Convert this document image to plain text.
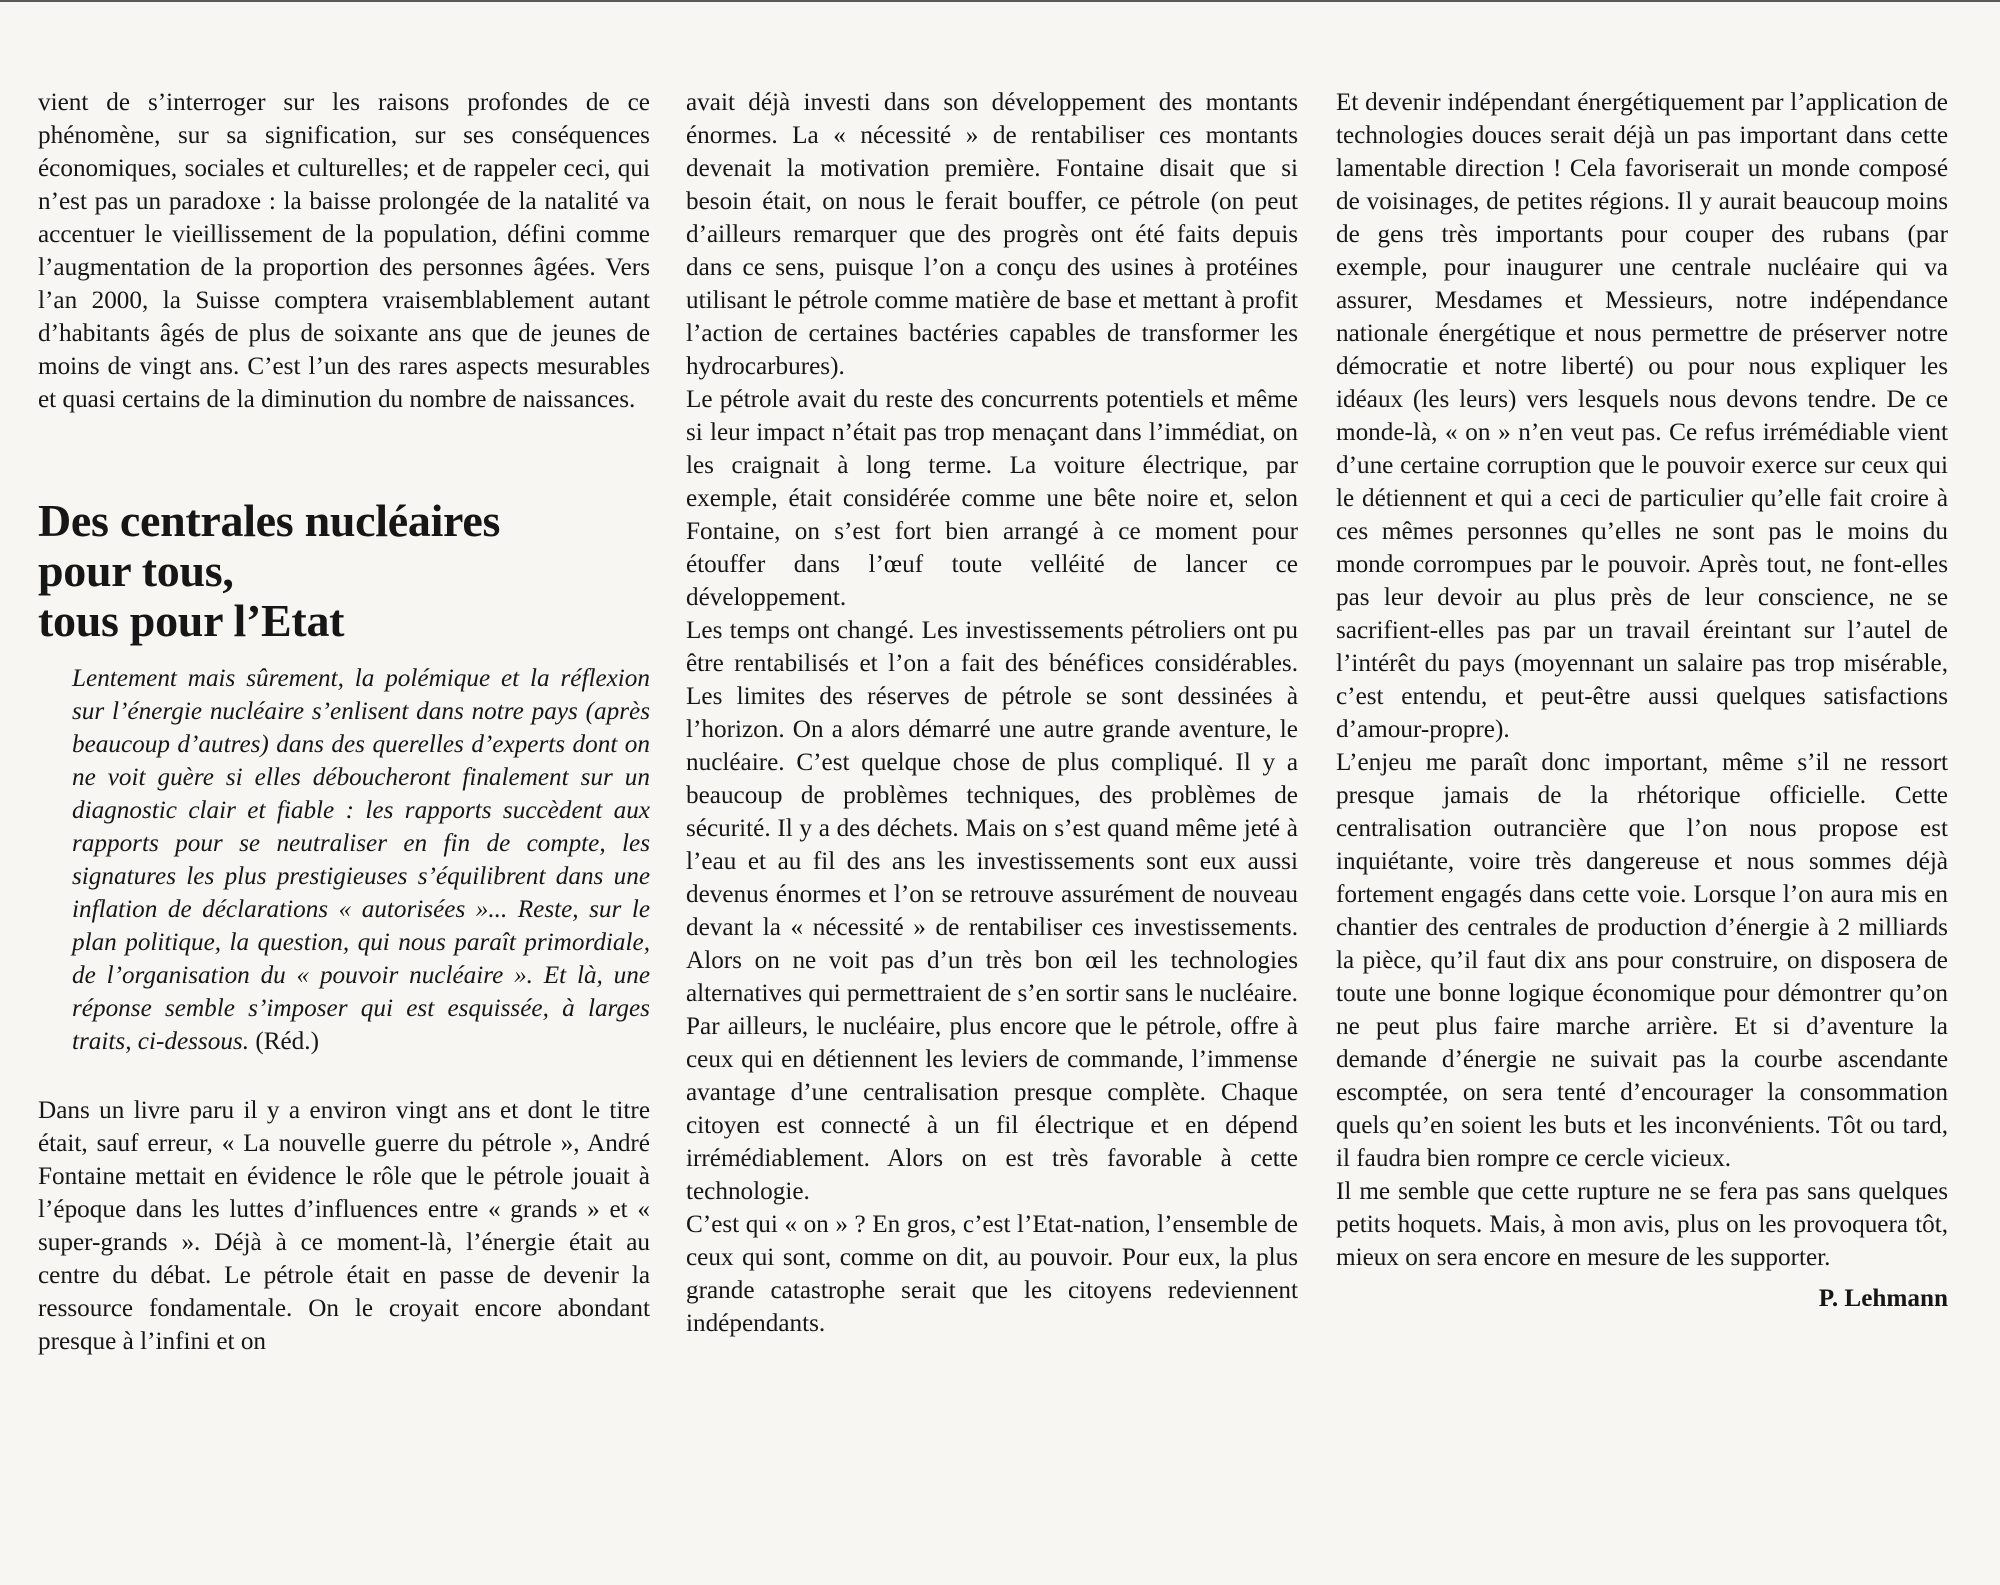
vient de s’interroger sur les raisons profondes de ce phénomène, sur sa signification, sur ses conséquences économiques, sociales et culturelles; et de rappeler ceci, qui n’est pas un paradoxe : la baisse prolongée de la natalité va accentuer le vieillissement de la population, défini comme l’augmentation de la proportion des personnes âgées. Vers l’an 2000, la Suisse comptera vraisemblablement autant d’habitants âgés de plus de soixante ans que de jeunes de moins de vingt ans. C’est l’un des rares aspects mesurables et quasi certains de la diminution du nombre de naissances.

Des centrales nucléaires
pour tous,
tous pour l’Etat

Lentement mais sûrement, la polémique et la réflexion sur l’énergie nucléaire s’enlisent dans notre pays (après beaucoup d’autres) dans des querelles d’experts dont on ne voit guère si elles déboucheront finalement sur un diagnostic clair et fiable : les rapports succèdent aux rapports pour se neutraliser en fin de compte, les signatures les plus prestigieuses s’équilibrent dans une inflation de déclarations « autorisées »... Reste, sur le plan politique, la question, qui nous paraît primordiale, de l’organisation du « pouvoir nucléaire ». Et là, une réponse semble s’imposer qui est esquissée, à larges traits, ci-dessous. (Réd.)

Dans un livre paru il y a environ vingt ans et dont le titre était, sauf erreur, « La nouvelle guerre du pétrole », André Fontaine mettait en évidence le rôle que le pétrole jouait à l’époque dans les luttes d’influences entre « grands » et « super-grands ». Déjà à ce moment-là, l’énergie était au centre du débat. Le pétrole était en passe de devenir la ressource fondamentale. On le croyait encore abondant presque à l’infini et on

avait déjà investi dans son développement des montants énormes. La « nécessité » de rentabiliser ces montants devenait la motivation première. Fontaine disait que si besoin était, on nous le ferait bouffer, ce pétrole (on peut d’ailleurs remarquer que des progrès ont été faits depuis dans ce sens, puisque l’on a conçu des usines à protéines utilisant le pétrole comme matière de base et mettant à profit l’action de certaines bactéries capables de transformer les hydrocarbures).

Le pétrole avait du reste des concurrents potentiels et même si leur impact n’était pas trop menaçant dans l’immédiat, on les craignait à long terme. La voiture électrique, par exemple, était considérée comme une bête noire et, selon Fontaine, on s’est fort bien arrangé à ce moment pour étouffer dans l’œuf toute velléité de lancer ce développement.

Les temps ont changé. Les investissements pétroliers ont pu être rentabilisés et l’on a fait des bénéfices considérables. Les limites des réserves de pétrole se sont dessinées à l’horizon. On a alors démarré une autre grande aventure, le nucléaire. C’est quelque chose de plus compliqué. Il y a beaucoup de problèmes techniques, des problèmes de sécurité. Il y a des déchets. Mais on s’est quand même jeté à l’eau et au fil des ans les investissements sont eux aussi devenus énormes et l’on se retrouve assurément de nouveau devant la « nécessité » de rentabiliser ces investissements. Alors on ne voit pas d’un très bon œil les technologies alternatives qui permettraient de s’en sortir sans le nucléaire.

Par ailleurs, le nucléaire, plus encore que le pétrole, offre à ceux qui en détiennent les leviers de commande, l’immense avantage d’une centralisation presque complète. Chaque citoyen est connecté à un fil électrique et en dépend irrémédiablement. Alors on est très favorable à cette technologie.

C’est qui « on » ? En gros, c’est l’Etat-nation, l’ensemble de ceux qui sont, comme on dit, au pouvoir. Pour eux, la plus grande catastrophe serait que les citoyens redeviennent indépendants.

Et devenir indépendant énergétiquement par l’application de technologies douces serait déjà un pas important dans cette lamentable direction ! Cela favoriserait un monde composé de voisinages, de petites régions. Il y aurait beaucoup moins de gens très importants pour couper des rubans (par exemple, pour inaugurer une centrale nucléaire qui va assurer, Mesdames et Messieurs, notre indépendance nationale énergétique et nous permettre de préserver notre démocratie et notre liberté) ou pour nous expliquer les idéaux (les leurs) vers lesquels nous devons tendre. De ce monde-là, « on » n’en veut pas. Ce refus irrémédiable vient d’une certaine corruption que le pouvoir exerce sur ceux qui le détiennent et qui a ceci de particulier qu’elle fait croire à ces mêmes personnes qu’elles ne sont pas le moins du monde corrompues par le pouvoir. Après tout, ne font-elles pas leur devoir au plus près de leur conscience, ne se sacrifient-elles pas par un travail éreintant sur l’autel de l’intérêt du pays (moyennant un salaire pas trop misérable, c’est entendu, et peut-être aussi quelques satisfactions d’amour-propre).

L’enjeu me paraît donc important, même s’il ne ressort presque jamais de la rhétorique officielle. Cette centralisation outrancière que l’on nous propose est inquiétante, voire très dangereuse et nous sommes déjà fortement engagés dans cette voie. Lorsque l’on aura mis en chantier des centrales de production d’énergie à 2 milliards la pièce, qu’il faut dix ans pour construire, on disposera de toute une bonne logique économique pour démontrer qu’on ne peut plus faire marche arrière. Et si d’aventure la demande d’énergie ne suivait pas la courbe ascendante escomptée, on sera tenté d’encourager la consommation quels qu’en soient les buts et les inconvénients. Tôt ou tard, il faudra bien rompre ce cercle vicieux.

Il me semble que cette rupture ne se fera pas sans quelques petits hoquets. Mais, à mon avis, plus on les provoquera tôt, mieux on sera encore en mesure de les supporter.

P. Lehmann
